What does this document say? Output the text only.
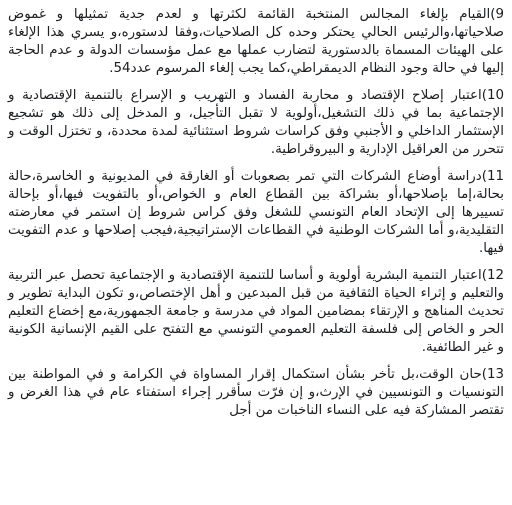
9)القيام بإلغاء المجالس المنتخبة القائمة لكثرتها و لعدم جدية تمثيلها و غموض صلاحياتها،والرئيس الحالي يحتكر وحده كل الصلاحيات،وفقا لدستوره،و يسري هذا الإلغاء على الهيئات المسماة بالدستورية لتضارب عملها مع عمل مؤسسات الدولة و عدم الحاجة إليها في حالة وجود النظام الديمقراطي،كما يجب إلغاء المرسوم عدد54.

10)اعتبار إصلاح الإقتصاد و محاربة الفساد و التهريب و الإسراع بالتنمية الإقتصادية و الإجتماعية بما في ذلك التشغيل،أولوية لا تقبل التأجيل، و المدخل إلى ذلك هو تشجيع الإستثمار الداخلي و الأجنبي وفق كراسات شروط استثنائية لمدة محددة، و تختزل الوقت و تتحرر من العراقيل الإدارية و البيروقراطية.

11)دراسة أوضاع الشركات التي تمر بصعوبات أو الغارقة في المديونية و الخاسرة،حالة بحالة،إما بإصلاحها،أو بشراكة بين القطاع العام و الخواص،أو بالتفويت فيها،أو بإحالة تسييرها إلى الإتحاد العام التونسي للشغل وفق كراس شروط إن استمر في معارضته التقليدية،و أما الشركات الوطنية في القطاعات الإستراتيجية،فيجب إصلاحها و عدم التفويت فيها.

12)اعتبار التنمية البشرية أولوية و أساسا للتنمية الإقتصادية و الإجتماعية تحصل عبر التربية والتعليم و إثراء الحياة الثقافية من قبل المبدعين و أهل الإختصاص،و تكون البداية تطوير و تحديث المناهج و الإرتقاء بمضامين المواد في مدرسة و جامعة الجمهورية،مع إخضاع التعليم الحر و الخاص إلى فلسفة التعليم العمومي التونسي مع التفتح على القيم الإنسانية الكونية و غير الطائفية.

13)حان الوقت،بل تأخر بشأن استكمال إقرار المساواة في الكرامة و في المواطنة بين التونسيات و التونسيين في الإرث،و إن فرّت سأقرر إجراء استفتاء عام في هذا الغرض و تقتصر المشاركة فيه على النساء الناخبات من أجل
